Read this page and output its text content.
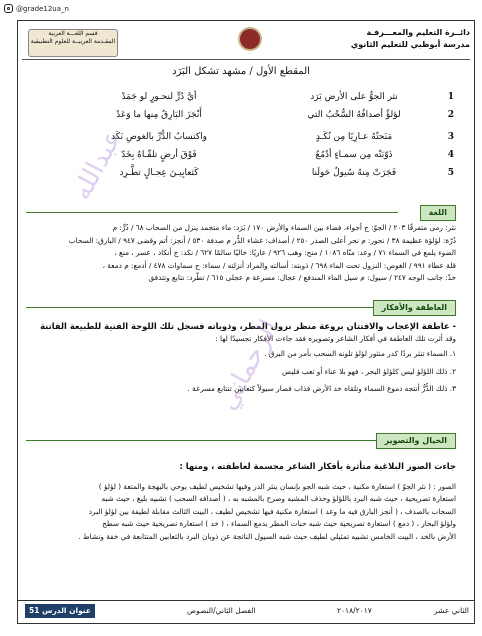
@grade12ua_n
دائــرة التعليم والمعـــرفـة
مدرسة أبوظبي للتعليم الثانوي
قسم اللغـــة العربية
المقـدمة العربيــة للعلوم التطبيقية
المقطع الأول / مشهد تشكل البَرَد
1
نثر الجوُّ على الأرض بَرَد
أيَّ دُرٍّ لنحـورٍ لو جَمَدْ
2
لؤلؤٌ أصدافُهُ السُّحْبُ التي
أَنْجَزَ البَارِقُ مِنها ما وَعَدْ
3
مَنَحتْهُ عـارِيًا مِن نُكَـدٍ
واكتسابُ الدُّرِّ بالغوصِ نَكَد
4
ذَوّبَتْه مِن سمـاءٍ أدْمُعٌ
فَوْقَ أرضٍ تلقّـاهُ بِخَدّ
5
فَجَرَتْ مِنهُ سُيولٌ حَولَنا
كَثعابِيـنَ عِجـالٍ تطَّـرِد
اللغة

نثر: رمى متفرقًا ٢٠٣ / الجوّ: ج أجواء، فضاء بين السماء والأرض ١٧٠ / بَرَد: ماء متجمد ينزل من السحاب ٦٨ / دُرٍّ: م

دُرّة: لؤلؤة عظيمة ٣٨ / نحور: م نحر أعلى الصدر ٢٥٠ / أصداف: غشاء الدُّر م صدفة ٥٣٠ / أنجز: أتم وقضى ٩٤٧ / البارق: السحاب

الضوء يلمع في السماء ٧١ / وعد: منّاه ١٠٨٦ / منح: وهب ٩٢٦ / عاريًا: خاليًا سالمًا ٦٢٧ / نكد: ج أنكاد ، عسر ، منع ،

قلة عطاء ٩٩١ / الغوص: النزول تحت الماء ٦٩٨ / ذوبته: أسالته والمراد أنزلته / سماء: ج سماوات ٤٧٨ / أدمع: م دمعة ،

خدّ: جانب الوجه ٢٤٧ / سيول: م سيل الماء المندفع / عجال: مسرعة م عجلى ٦١٥ / تطّرد: تتابع وتتدفق

العاطفة والأفكار

- عاطفة الإعجاب والافتتان بروعة منظر نزول المطر، وذوبانه فسجل تلك اللوحة الفنية للطبيعة الفاتنة

وقد أثرت تلك العاطفة في أفكار الشاعر وتصويره فقد جاءت الأفكار تجسيدًا لها :

١. السماء تنثر بردًا كدر منثور لؤلؤ تلونه السحب بأمر من البرق .

٢. ذلك اللؤلؤ ليس كلؤلؤ البحر ، فهو بلا عناء أو تعب فليس

٣. ذلك الدُّرُّ أنتجه دموع السماء وتلقاه خد الأرض فذاب فصار سيولاً كثعابين تتتابع مسرعة .

الخيال والتصوير

جاءت الصور البلاغية متأثرة بأفكار الشاعر مجسمة لعاطفته ، ومنها :

الصور : ( نثر الجوّ ) استعارة مكنية ، حيث شبه الجو بإنسان ينثر الدر وفيها تشخيص لطيف يوحي بالبهجة والمتعة ( لؤلؤ )

استعارة تصريحية ، حيث شبه البرد باللؤلؤ وحذف المشبه وصرح بالمشبه به ، ( أصدافه السحب ) تشبيه بليغ ، حيث شبه

السحاب بالصدف ، ( أنجز البارق فيه ما وعد ) استعارة مكنية فيها تشخيص لطيف ، البيت الثالث مقابلة لطيفة بين لؤلؤ البرد

ولؤلؤ البحار ، ( دمع ) استعارة تصريحية حيث شبه حبات المطر بدمع السماء ، ( خد ) استعارة تصريحية حيث شبه سطح

الأرض بالخد ، البيت الخامس تشبيه تمثيلي لطيف حيث شبه السيول الناتجة عن ذوبان البرد بالثعابين المتتابعة في خفة ونشاط .

عبدالله
الرحماني
عنوان الدرس 51	الفصل الثاني/النصوص	٢٠١٨/٢٠١٧	الثاني عشر
